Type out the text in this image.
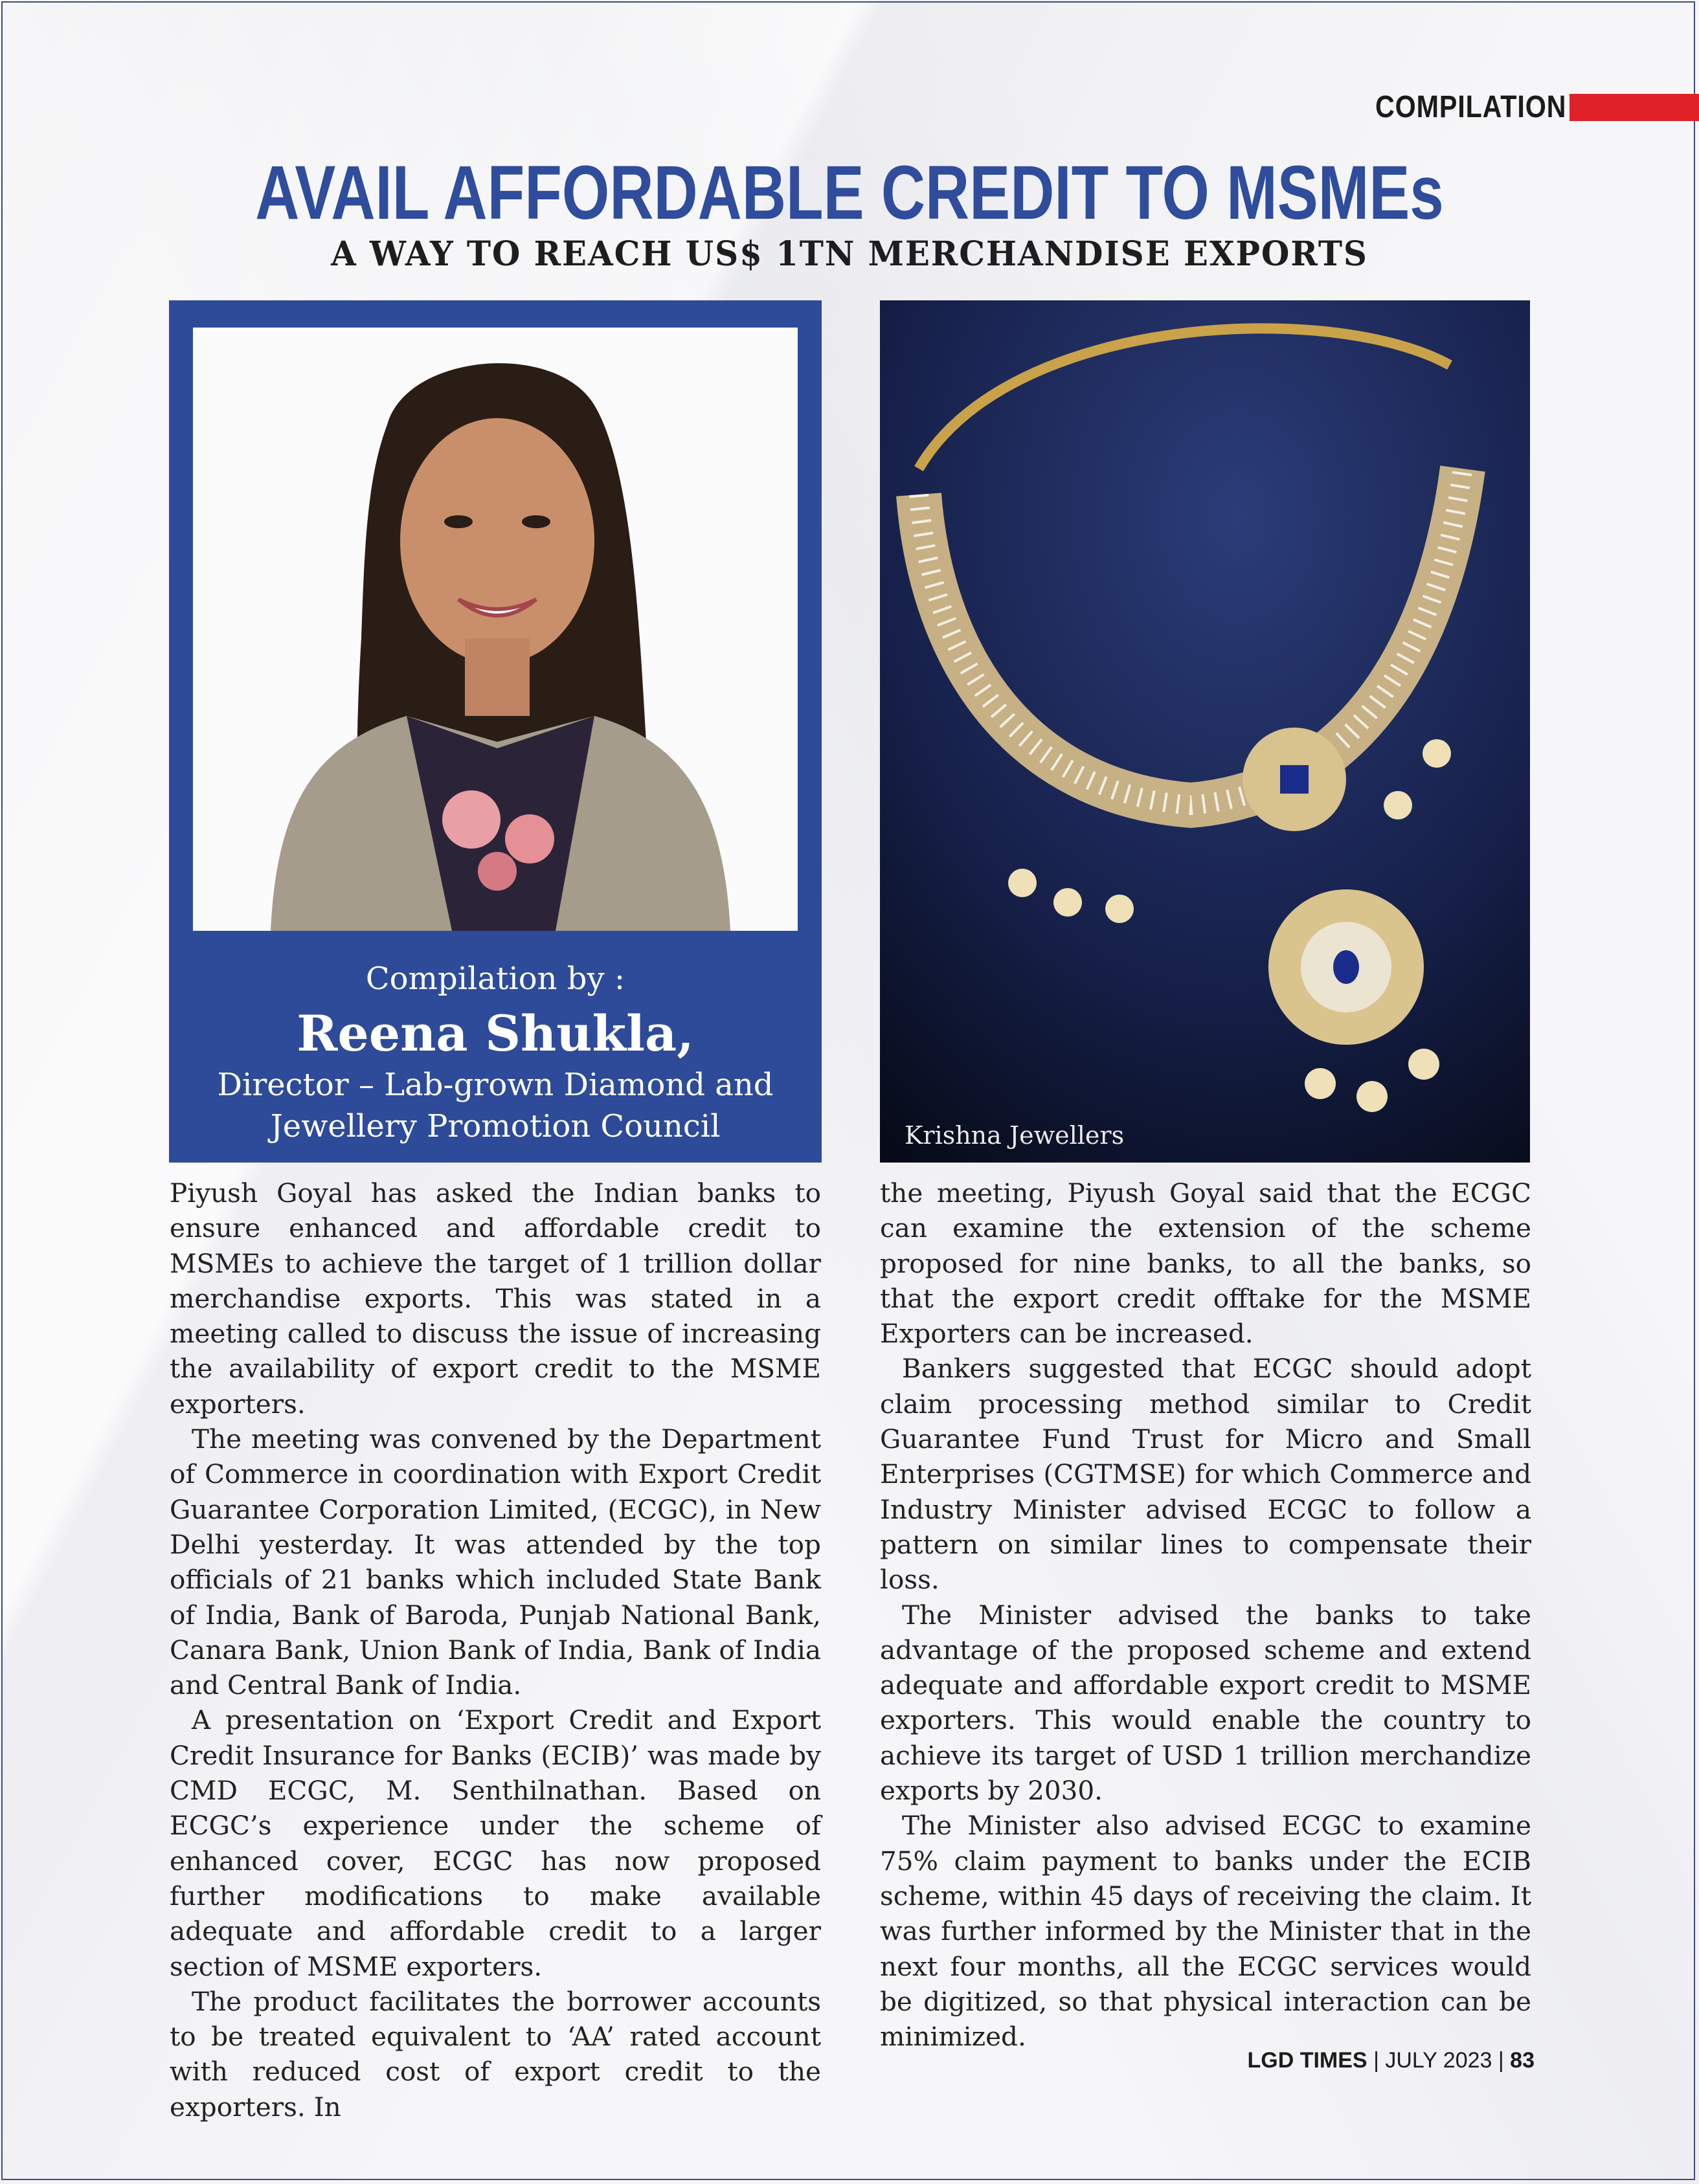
COMPILATION
AVAIL AFFORDABLE CREDIT TO MSMEs
A WAY TO REACH US$ 1TN MERCHANDISE EXPORTS
Compilation by :
Reena Shukla,
Director – Lab-grown Diamond and
Jewellery Promotion Council	Krishna Jewellers

Piyush Goyal has asked the Indian banks to ensure enhanced and affordable credit to MSMEs to achieve the target of 1 trillion dollar merchandise exports. This was stated in a meeting called to discuss the issue of increasing the availability of export credit to the MSME exporters.

The meeting was convened by the Department of Commerce in coordination with Export Credit Guarantee Corporation Limited, (ECGC), in New Delhi yesterday. It was attended by the top officials of 21 banks which included State Bank of India, Bank of Baroda, Punjab National Bank, Canara Bank, Union Bank of India, Bank of India and Central Bank of India.

A presentation on ‘Export Credit and Export Credit Insurance for Banks (ECIB)’ was made by CMD ECGC, M. Senthilnathan. Based on ECGC’s experience under the scheme of enhanced cover, ECGC has now proposed further modifications to make available adequate and affordable credit to a larger section of MSME exporters.

The product facilitates the borrower accounts to be treated equivalent to ‘AA’ rated account with reduced cost of export credit to the exporters. In

the meeting, Piyush Goyal said that the ECGC can examine the extension of the scheme proposed for nine banks, to all the banks, so that the export credit offtake for the MSME Exporters can be increased.

Bankers suggested that ECGC should adopt claim processing method similar to Credit Guarantee Fund Trust for Micro and Small Enterprises (CGTMSE) for which Commerce and Industry Minister advised ECGC to follow a pattern on similar lines to compensate their loss.

The Minister advised the banks to take advantage of the proposed scheme and extend adequate and affordable export credit to MSME exporters. This would enable the country to achieve its target of USD 1 trillion merchandize exports by 2030.

The Minister also advised ECGC to examine 75% claim payment to banks under the ECIB scheme, within 45 days of receiving the claim. It was further informed by the Minister that in the next four months, all the ECGC services would be digitized, so that physical interaction can be minimized.

LGD TIMES | JULY 2023 | 83
